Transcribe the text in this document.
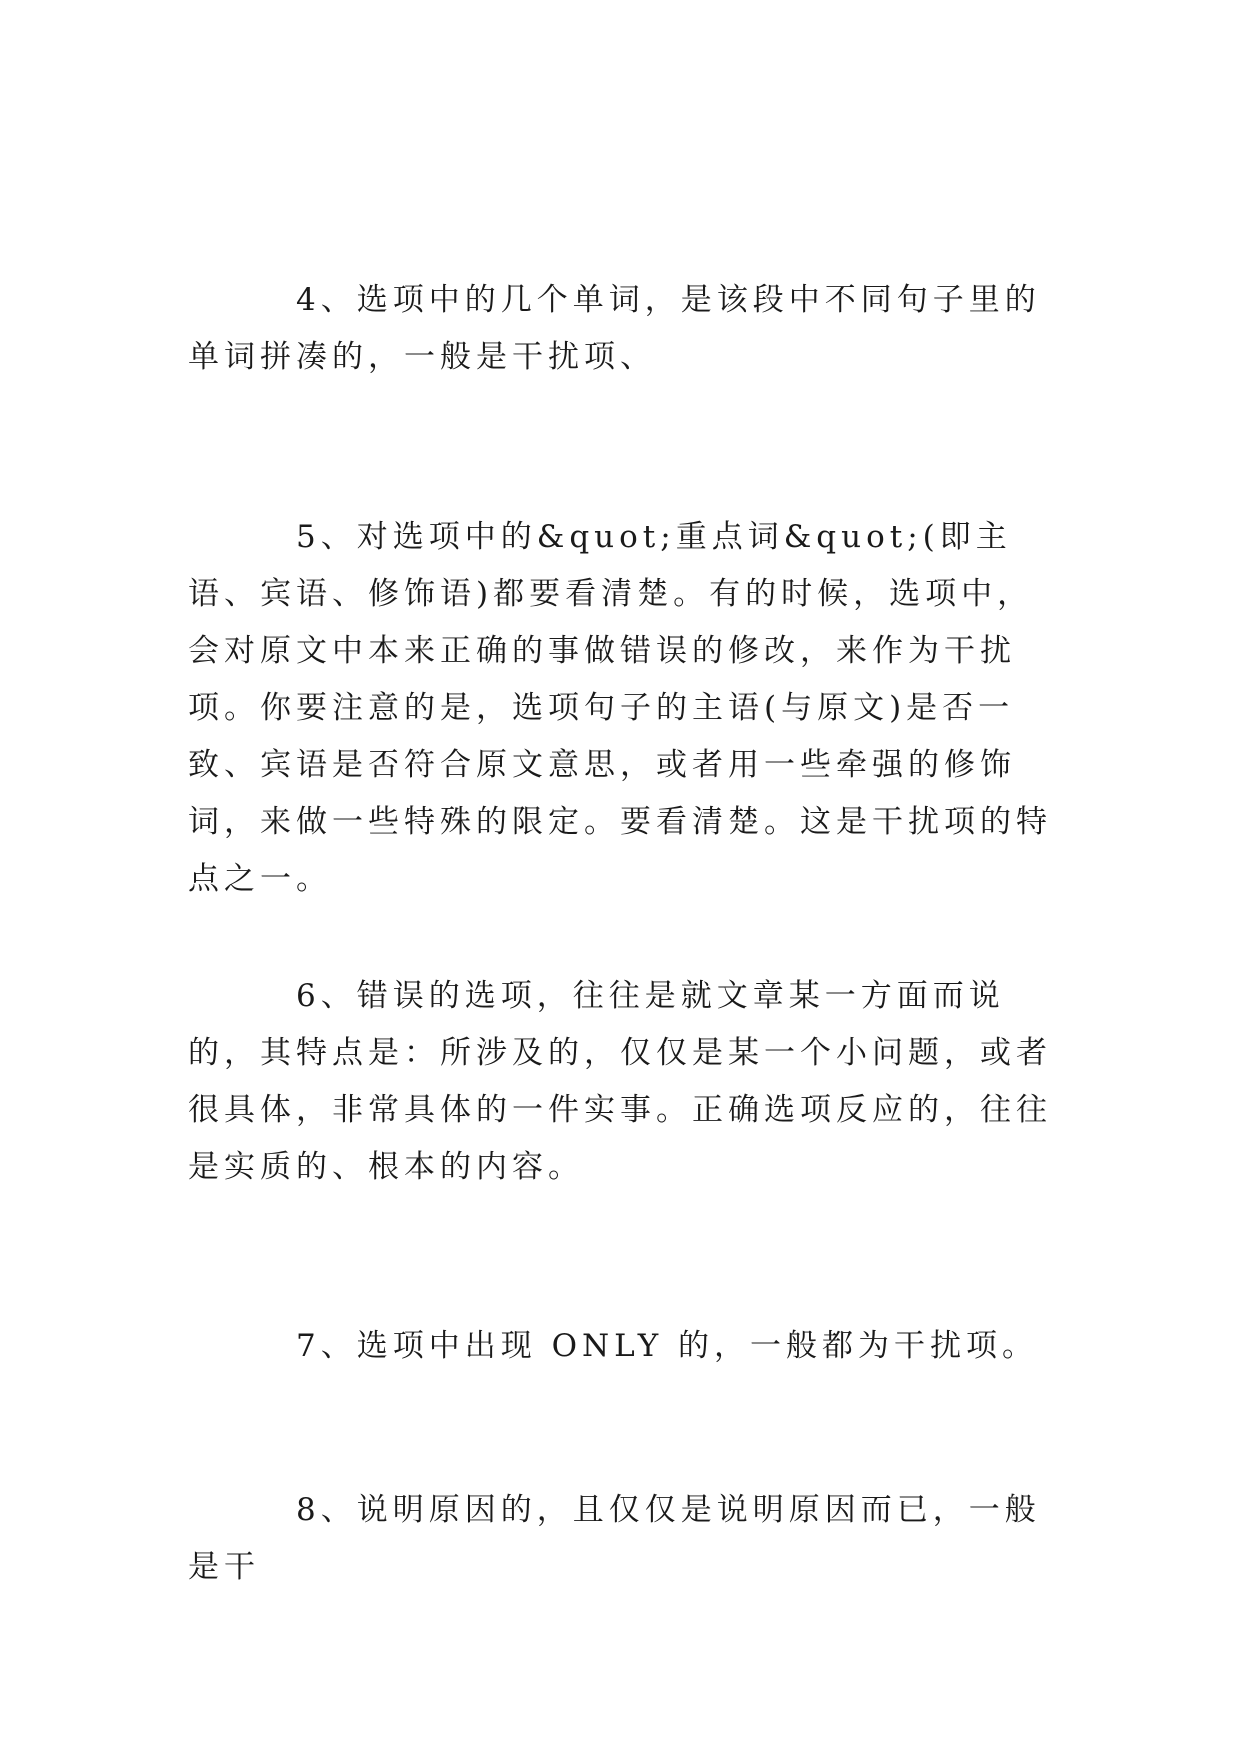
4、选项中的几个单词，是该段中不同句子里的单词拼凑的，一般是干扰项、

5、对选项中的&quot;重点词&quot;(即主语、宾语、修饰语)都要看清楚。有的时候，选项中，会对原文中本来正确的事做错误的修改，来作为干扰项。你要注意的是，选项句子的主语(与原文)是否一致、宾语是否符合原文意思，或者用一些牵强的修饰词，来做一些特殊的限定。要看清楚。这是干扰项的特点之一。

6、错误的选项，往往是就文章某一方面而说的，其特点是：所涉及的，仅仅是某一个小问题，或者很具体，非常具体的一件实事。正确选项反应的，往往是实质的、根本的内容。

7、选项中出现 ONLY 的，一般都为干扰项。

8、说明原因的，且仅仅是说明原因而已，一般是干
